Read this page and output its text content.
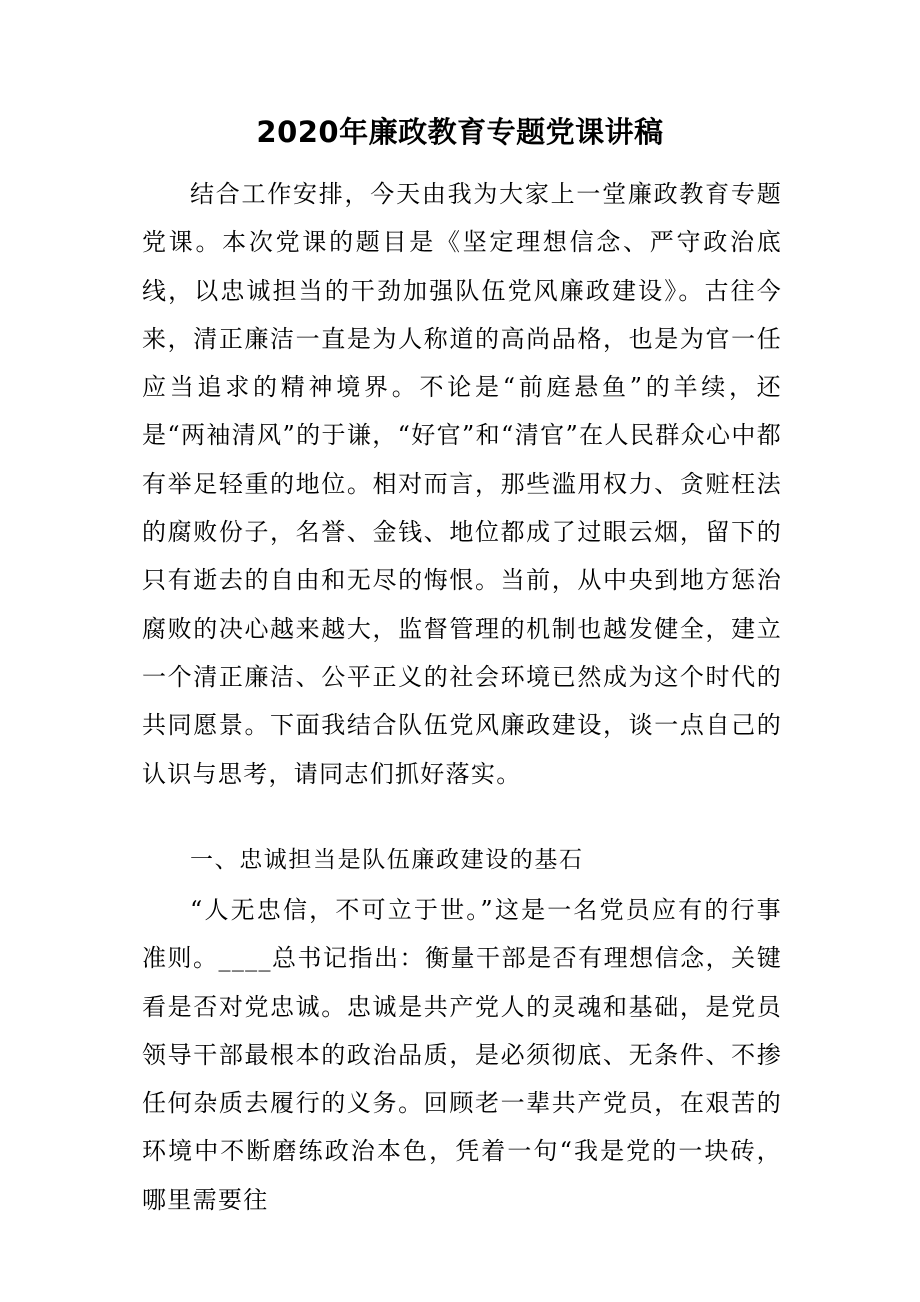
2020年廉政教育专题党课讲稿

结合工作安排，今天由我为大家上一堂廉政教育专题党课。本次党课的题目是《坚定理想信念、严守政治底线，以忠诚担当的干劲加强队伍党风廉政建设》。古往今来，清正廉洁一直是为人称道的高尚品格，也是为官一任应当追求的精神境界。不论是“前庭悬鱼”的羊续，还是“两袖清风”的于谦，“好官”和“清官”在人民群众心中都有举足轻重的地位。相对而言，那些滥用权力、贪赃枉法的腐败份子，名誉、金钱、地位都成了过眼云烟，留下的只有逝去的自由和无尽的悔恨。当前，从中央到地方惩治腐败的决心越来越大，监督管理的机制也越发健全，建立一个清正廉洁、公平正义的社会环境已然成为这个时代的共同愿景。下面我结合队伍党风廉政建设，谈一点自己的认识与思考，请同志们抓好落实。

一、忠诚担当是队伍廉政建设的基石

“人无忠信，不可立于世。”这是一名党员应有的行事准则。____总书记指出：衡量干部是否有理想信念，关键看是否对党忠诚。忠诚是共产党人的灵魂和基础，是党员领导干部最根本的政治品质，是必须彻底、无条件、不掺任何杂质去履行的义务。回顾老一辈共产党员，在艰苦的环境中不断磨练政治本色，凭着一句“我是党的一块砖，哪里需要往
